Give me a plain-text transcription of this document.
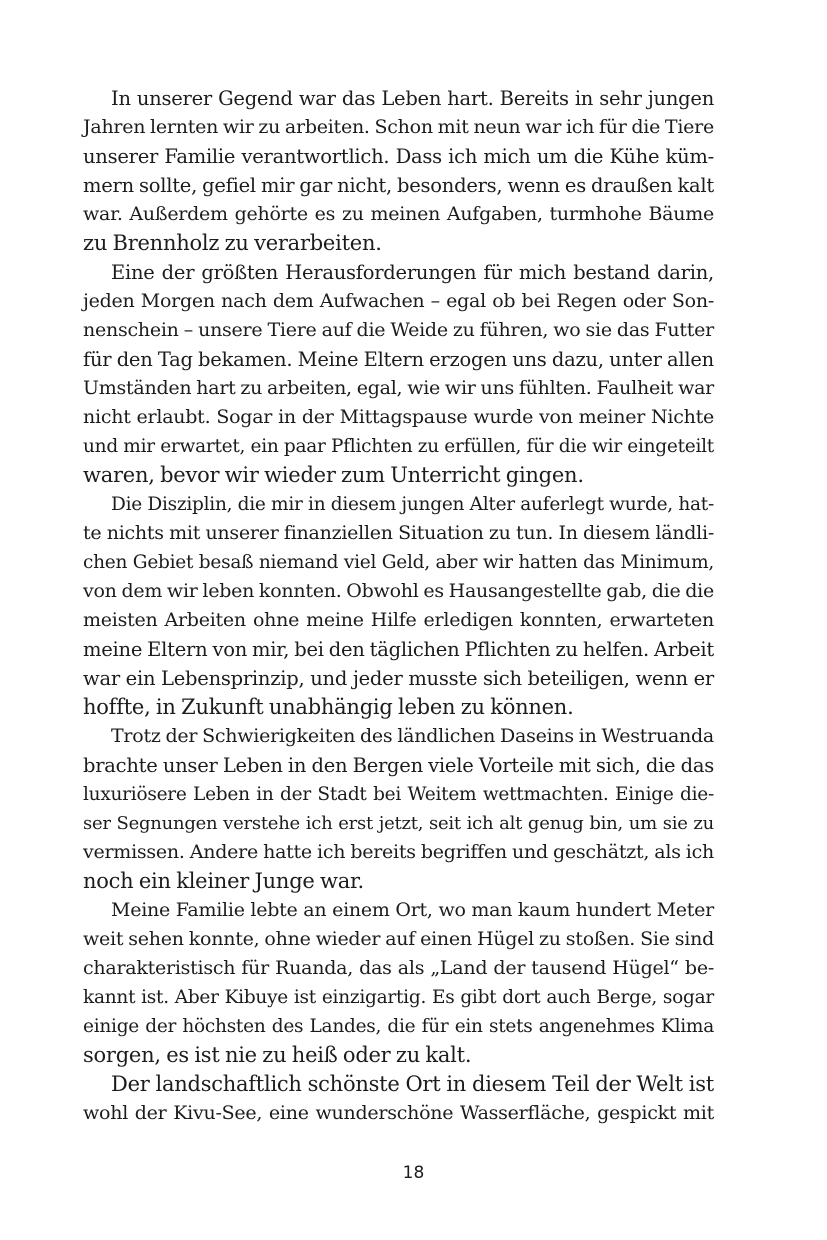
In unserer Gegend war das Leben hart. Bereits in sehr jungen
Jahren lernten wir zu arbeiten. Schon mit neun war ich für die Tiere
unserer Familie verantwortlich. Dass ich mich um die Kühe küm-
mern sollte, gefiel mir gar nicht, besonders, wenn es draußen kalt
war. Außerdem gehörte es zu meinen Aufgaben, turmhohe Bäume
zu Brennholz zu verarbeiten.
Eine der größten Herausforderungen für mich bestand darin,
jeden Morgen nach dem Aufwachen – egal ob bei Regen oder Son-
nenschein – unsere Tiere auf die Weide zu führen, wo sie das Futter
für den Tag bekamen. Meine Eltern erzogen uns dazu, unter allen
Umständen hart zu arbeiten, egal, wie wir uns fühlten. Faulheit war
nicht erlaubt. Sogar in der Mittagspause wurde von meiner Nichte
und mir erwartet, ein paar Pflichten zu erfüllen, für die wir eingeteilt
waren, bevor wir wieder zum Unterricht gingen.
Die Disziplin, die mir in diesem jungen Alter auferlegt wurde, hat-
te nichts mit unserer finanziellen Situation zu tun. In diesem ländli-
chen Gebiet besaß niemand viel Geld, aber wir hatten das Minimum,
von dem wir leben konnten. Obwohl es Hausangestellte gab, die die
meisten Arbeiten ohne meine Hilfe erledigen konnten, erwarteten
meine Eltern von mir, bei den täglichen Pflichten zu helfen. Arbeit
war ein Lebensprinzip, und jeder musste sich beteiligen, wenn er
hoffte, in Zukunft unabhängig leben zu können.
Trotz der Schwierigkeiten des ländlichen Daseins in Westruanda
brachte unser Leben in den Bergen viele Vorteile mit sich, die das
luxuriösere Leben in der Stadt bei Weitem wettmachten. Einige die-
ser Segnungen verstehe ich erst jetzt, seit ich alt genug bin, um sie zu
vermissen. Andere hatte ich bereits begriffen und geschätzt, als ich
noch ein kleiner Junge war.
Meine Familie lebte an einem Ort, wo man kaum hundert Meter
weit sehen konnte, ohne wieder auf einen Hügel zu stoßen. Sie sind
charakteristisch für Ruanda, das als „Land der tausend Hügel“ be-
kannt ist. Aber Kibuye ist einzigartig. Es gibt dort auch Berge, sogar
einige der höchsten des Landes, die für ein stets angenehmes Klima
sorgen, es ist nie zu heiß oder zu kalt.
Der landschaftlich schönste Ort in diesem Teil der Welt ist
wohl der Kivu-See, eine wunderschöne Wasserfläche, gespickt mit
18
